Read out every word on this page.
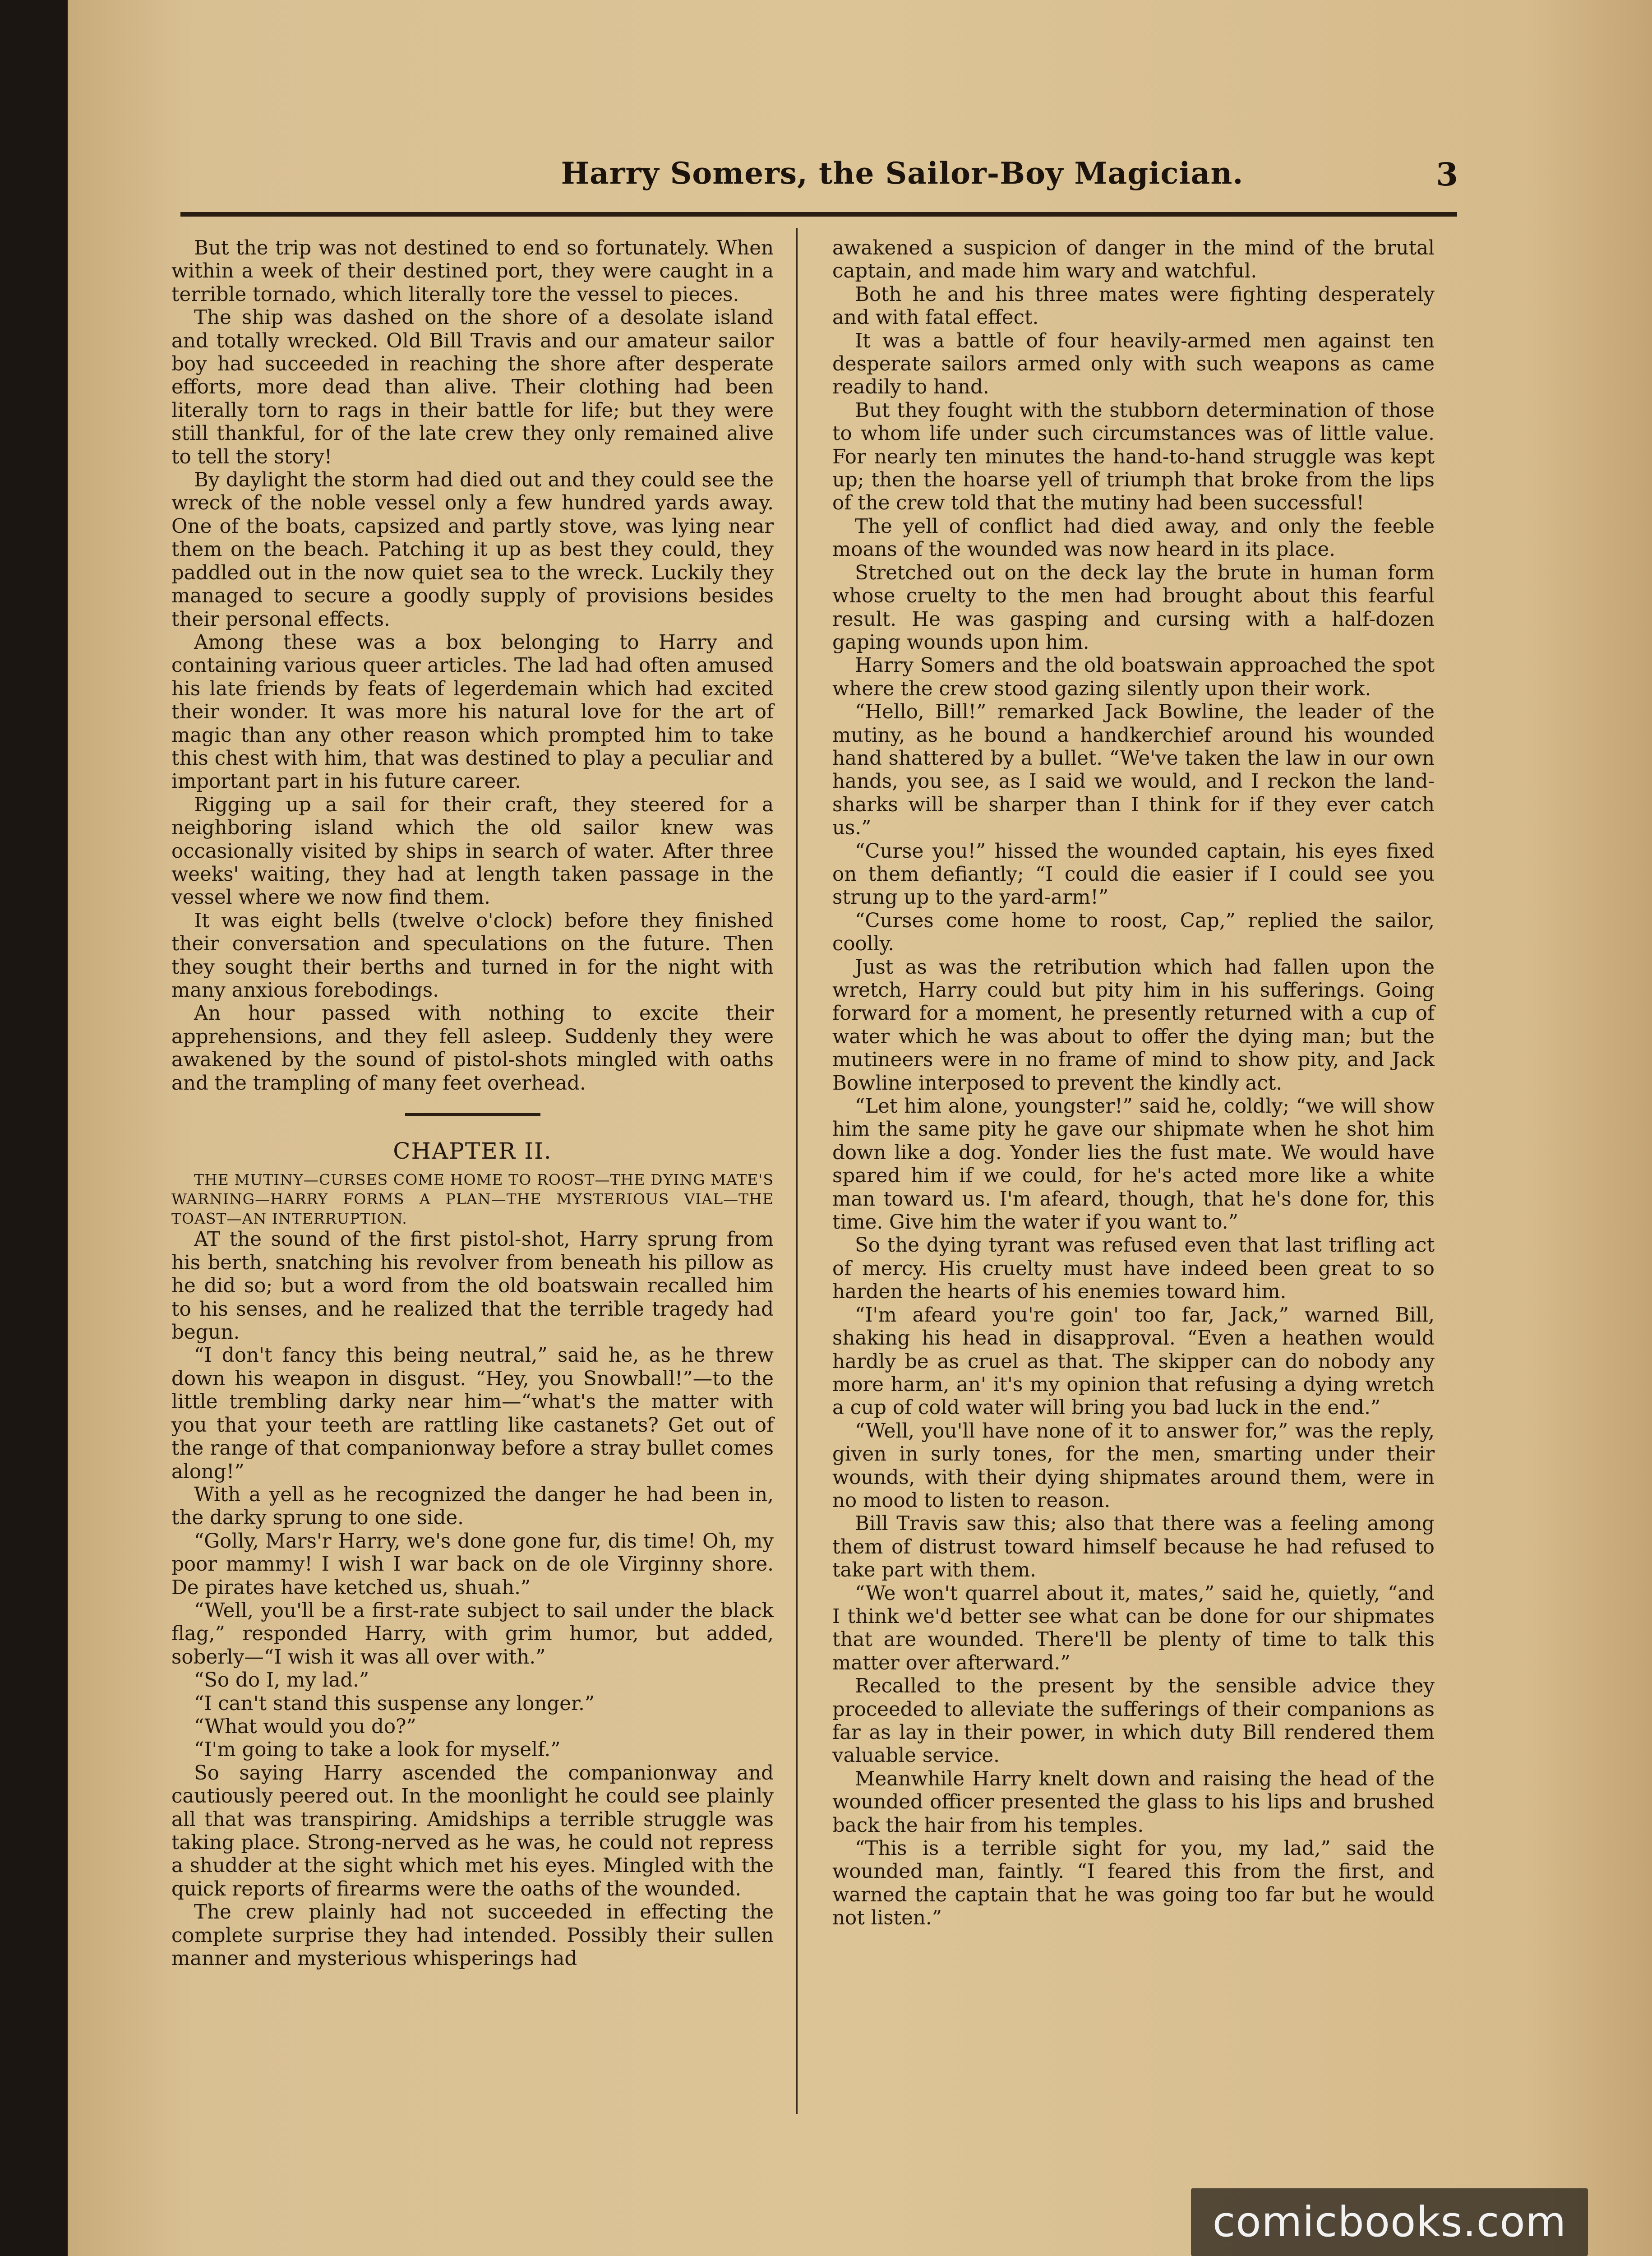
Harry Somers, the Sailor-Boy Magician.	3

But the trip was not destined to end so fortunately. When within a week of their destined port, they were caught in a terrible tornado, which literally tore the vessel to pieces.

The ship was dashed on the shore of a desolate island and totally wrecked. Old Bill Travis and our amateur sailor boy had succeeded in reaching the shore after desperate efforts, more dead than alive. Their clothing had been literally torn to rags in their battle for life; but they were still thankful, for of the late crew they only remained alive to tell the story!

By daylight the storm had died out and they could see the wreck of the noble vessel only a few hundred yards away. One of the boats, capsized and partly stove, was lying near them on the beach. Patching it up as best they could, they paddled out in the now quiet sea to the wreck. Luckily they managed to secure a goodly supply of provisions besides their personal effects.

Among these was a box belonging to Harry and containing various queer articles. The lad had often amused his late friends by feats of legerdemain which had excited their wonder. It was more his natural love for the art of magic than any other reason which prompted him to take this chest with him, that was destined to play a peculiar and important part in his future career.

Rigging up a sail for their craft, they steered for a neighboring island which the old sailor knew was occasionally visited by ships in search of water. After three weeks' waiting, they had at length taken passage in the vessel where we now find them.

It was eight bells (twelve o'clock) before they finished their conversation and speculations on the future. Then they sought their berths and turned in for the night with many anxious forebodings.

An hour passed with nothing to excite their apprehensions, and they fell asleep. Suddenly they were awakened by the sound of pistol-shots mingled with oaths and the trampling of many feet overhead.

CHAPTER II.

THE MUTINY—CURSES COME HOME TO ROOST—THE DYING MATE'S WARNING—HARRY FORMS A PLAN—THE MYSTERIOUS VIAL—THE TOAST—AN INTERRUPTION.

AT the sound of the first pistol-shot, Harry sprung from his berth, snatching his revolver from beneath his pillow as he did so; but a word from the old boatswain recalled him to his senses, and he realized that the terrible tragedy had begun.

“I don't fancy this being neutral,” said he, as he threw down his weapon in disgust. “Hey, you Snowball!”—to the little trembling darky near him—“what's the matter with you that your teeth are rattling like castanets? Get out of the range of that companionway before a stray bullet comes along!”

With a yell as he recognized the danger he had been in, the darky sprung to one side.

“Golly, Mars'r Harry, we's done gone fur, dis time! Oh, my poor mammy! I wish I war back on de ole Virginny shore. De pirates have ketched us, shuah.”

“Well, you'll be a first-rate subject to sail under the black flag,” responded Harry, with grim humor, but added, soberly—“I wish it was all over with.”

“So do I, my lad.”

“I can't stand this suspense any longer.”

“What would you do?”

“I'm going to take a look for myself.”

So saying Harry ascended the companionway and cautiously peered out. In the moonlight he could see plainly all that was transpiring. Amidships a terrible struggle was taking place. Strong-nerved as he was, he could not repress a shudder at the sight which met his eyes. Mingled with the quick reports of firearms were the oaths of the wounded.

The crew plainly had not succeeded in effecting the complete surprise they had intended. Possibly their sullen manner and mysterious whisperings had

awakened a suspicion of danger in the mind of the brutal captain, and made him wary and watchful.

Both he and his three mates were fighting desperately and with fatal effect.

It was a battle of four heavily-armed men against ten desperate sailors armed only with such weapons as came readily to hand.

But they fought with the stubborn determination of those to whom life under such circumstances was of little value. For nearly ten minutes the hand-to-hand struggle was kept up; then the hoarse yell of triumph that broke from the lips of the crew told that the mutiny had been successful!

The yell of conflict had died away, and only the feeble moans of the wounded was now heard in its place.

Stretched out on the deck lay the brute in human form whose cruelty to the men had brought about this fearful result. He was gasping and cursing with a half-dozen gaping wounds upon him.

Harry Somers and the old boatswain approached the spot where the crew stood gazing silently upon their work.

“Hello, Bill!” remarked Jack Bowline, the leader of the mutiny, as he bound a handkerchief around his wounded hand shattered by a bullet. “We've taken the law in our own hands, you see, as I said we would, and I reckon the land-sharks will be sharper than I think for if they ever catch us.”

“Curse you!” hissed the wounded captain, his eyes fixed on them defiantly; “I could die easier if I could see you strung up to the yard-arm!”

“Curses come home to roost, Cap,” replied the sailor, coolly.

Just as was the retribution which had fallen upon the wretch, Harry could but pity him in his sufferings. Going forward for a moment, he presently returned with a cup of water which he was about to offer the dying man; but the mutineers were in no frame of mind to show pity, and Jack Bowline interposed to prevent the kindly act.

“Let him alone, youngster!” said he, coldly; “we will show him the same pity he gave our shipmate when he shot him down like a dog. Yonder lies the fust mate. We would have spared him if we could, for he's acted more like a white man toward us. I'm afeard, though, that he's done for, this time. Give him the water if you want to.”

So the dying tyrant was refused even that last trifling act of mercy. His cruelty must have indeed been great to so harden the hearts of his enemies toward him.

“I'm afeard you're goin' too far, Jack,” warned Bill, shaking his head in disapproval. “Even a heathen would hardly be as cruel as that. The skipper can do nobody any more harm, an' it's my opinion that refusing a dying wretch a cup of cold water will bring you bad luck in the end.”

“Well, you'll have none of it to answer for,” was the reply, given in surly tones, for the men, smarting under their wounds, with their dying shipmates around them, were in no mood to listen to reason.

Bill Travis saw this; also that there was a feeling among them of distrust toward himself because he had refused to take part with them.

“We won't quarrel about it, mates,” said he, quietly, “and I think we'd better see what can be done for our shipmates that are wounded. There'll be plenty of time to talk this matter over afterward.”

Recalled to the present by the sensible advice they proceeded to alleviate the sufferings of their companions as far as lay in their power, in which duty Bill rendered them valuable service.

Meanwhile Harry knelt down and raising the head of the wounded officer presented the glass to his lips and brushed back the hair from his temples.

“This is a terrible sight for you, my lad,” said the wounded man, faintly. “I feared this from the first, and warned the captain that he was going too far but he would not listen.”

comicbooks.com
